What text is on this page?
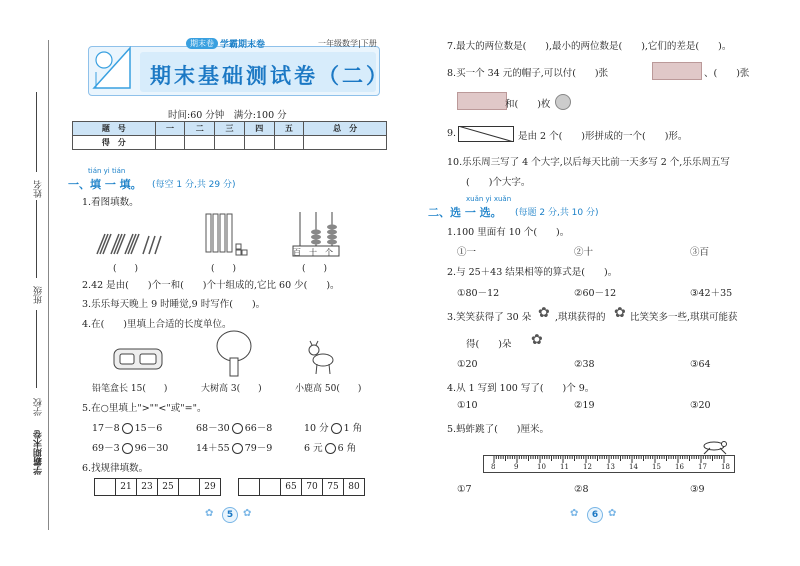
姓名
班级
学校
学霸期末卷
期末卷 学霸期末卷	一年级数学|下册
期末基础测试卷（二）
时间:60 分钟　满分:100 分
题　号	一	二	三	四	五	总　分
得　分						
tián yi tián
一、填 一 填。 (每空 1 分,共 29 分)
1.看图填数。
(　　)	(　　)
百 十 个
(　　)
2.42 是由(　　)个一和(　　)个十组成的,它比 60 少(　　)。
3.乐乐每天晚上 9 时睡觉,9 时写作(　　)。
4.在(　　)里填上合适的长度单位。
铅笔盒长 15(　　)	大树高 3(　　)	小鹿高 50(　　)
5.在○里填上">""<"或"="。
17－8 15－6	68－30 66－8	10 分 1 角
69－3 96－30	14＋55 79－9	6 元 6 角
6.找规律填数。
	21	23	25		29
			65	70	75	80
✿	5 ✿
7.最大的两位数是(　　),最小的两位数是(　　),它们的差是(　　)。
8.买一个 34 元的帽子,可以付(　　)张	、(　　)张
和(　　)枚
9.	是由 2 个(　　)形拼成的一个(　　)形。
10.乐乐周三写了 4 个大字,以后每天比前一天多写 2 个,乐乐周五写
(　　)个大字。
xuǎn yi xuǎn
二、选 一 选。 (每题 2 分,共 10 分)
1.100 里面有 10 个(　　)。
①一	②十	③百
2.与 25＋43 结果相等的算式是(　　)。
①80－12	②60－12	③42＋35
3.笑笑获得了 30 朵 ✿ ,琪琪获得的 ✿ 比笑笑多一些,琪琪可能获
得(　　)朵 ✿
①20	②38	③64
4.从 1 写到 100 写了(　　)个 9。
①10	②19	③20
5.蚂蚱跳了(　　)厘米。
8	9	10 11 12 13 14 15 16 17 18
①7	②8	③9
✿	6 ✿
